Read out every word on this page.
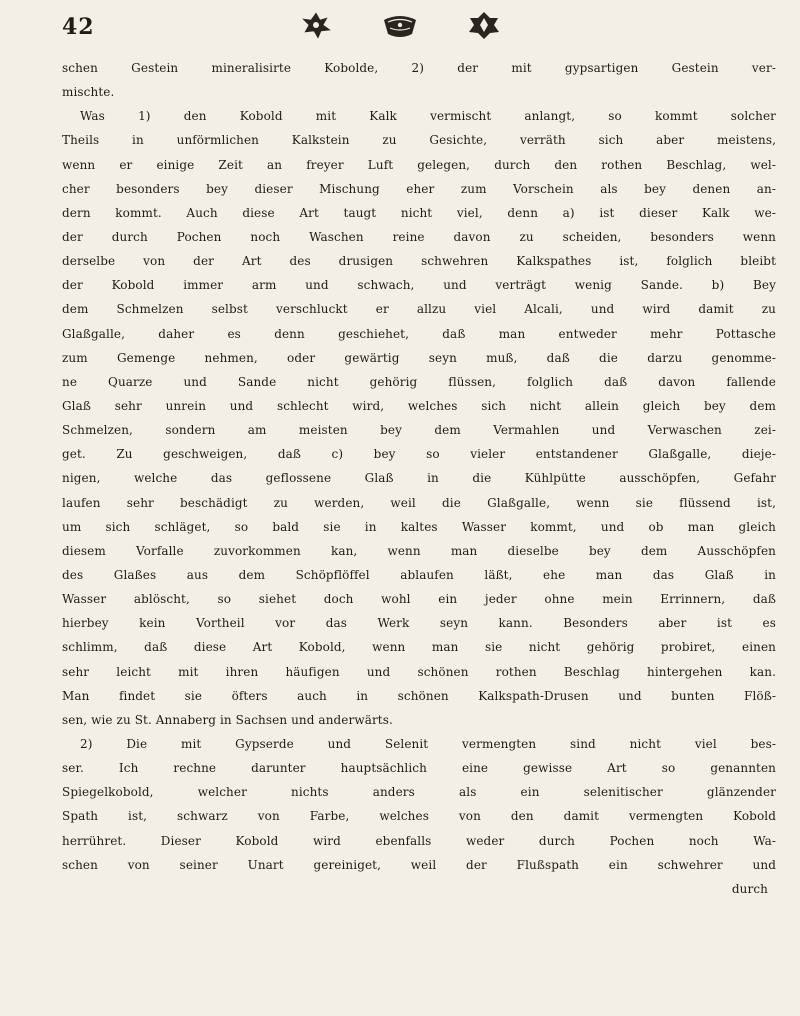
42
schen Gestein mineralisirte Kobolde, 2) der mit gypsartigen Gestein ver-
mischte.
Was 1) den Kobold mit Kalk vermischt anlangt, so kommt solcher
Theils in unförmlichen Kalkstein zu Gesichte, verräth sich aber meistens,
wenn er einige Zeit an freyer Luft gelegen, durch den rothen Beschlag, wel-
cher besonders bey dieser Mischung eher zum Vorschein als bey denen an-
dern kommt. Auch diese Art taugt nicht viel, denn a) ist dieser Kalk we-
der durch Pochen noch Waschen reine davon zu scheiden, besonders wenn
derselbe von der Art des drusigen schwehren Kalkspathes ist, folglich bleibt
der Kobold immer arm und schwach, und verträgt wenig Sande. b) Bey
dem Schmelzen selbst verschluckt er allzu viel Alcali, und wird damit zu
Glaßgalle, daher es denn geschiehet, daß man entweder mehr Pottasche
zum Gemenge nehmen, oder gewärtig seyn muß, daß die darzu genomme-
ne Quarze und Sande nicht gehörig flüssen, folglich daß davon fallende
Glaß sehr unrein und schlecht wird, welches sich nicht allein gleich bey dem
Schmelzen, sondern am meisten bey dem Vermahlen und Verwaschen zei-
get. Zu geschweigen, daß c) bey so vieler entstandener Glaßgalle, dieje-
nigen, welche das geflossene Glaß in die Kühlpütte ausschöpfen, Gefahr
laufen sehr beschädigt zu werden, weil die Glaßgalle, wenn sie flüssend ist,
um sich schläget, so bald sie in kaltes Wasser kommt, und ob man gleich
diesem Vorfalle zuvorkommen kan, wenn man dieselbe bey dem Ausschöpfen
des Glaßes aus dem Schöpflöffel ablaufen läßt, ehe man das Glaß in
Wasser ablöscht, so siehet doch wohl ein jeder ohne mein Errinnern, daß
hierbey kein Vortheil vor das Werk seyn kann. Besonders aber ist es
schlimm, daß diese Art Kobold, wenn man sie nicht gehörig probiret, einen
sehr leicht mit ihren häufigen und schönen rothen Beschlag hintergehen kan.
Man findet sie öfters auch in schönen Kalkspath-Drusen und bunten Flöß-
sen, wie zu St. Annaberg in Sachsen und anderwärts.
2) Die mit Gypserde und Selenit vermengten sind nicht viel bes-
ser. Ich rechne darunter hauptsächlich eine gewisse Art so genannten
Spiegelkobold, welcher nichts anders als ein selenitischer glänzender
Spath ist, schwarz von Farbe, welches von den damit vermengten Kobold
herrühret. Dieser Kobold wird ebenfalls weder durch Pochen noch Wa-
schen von seiner Unart gereiniget, weil der Flußspath ein schwehrer und
durch
